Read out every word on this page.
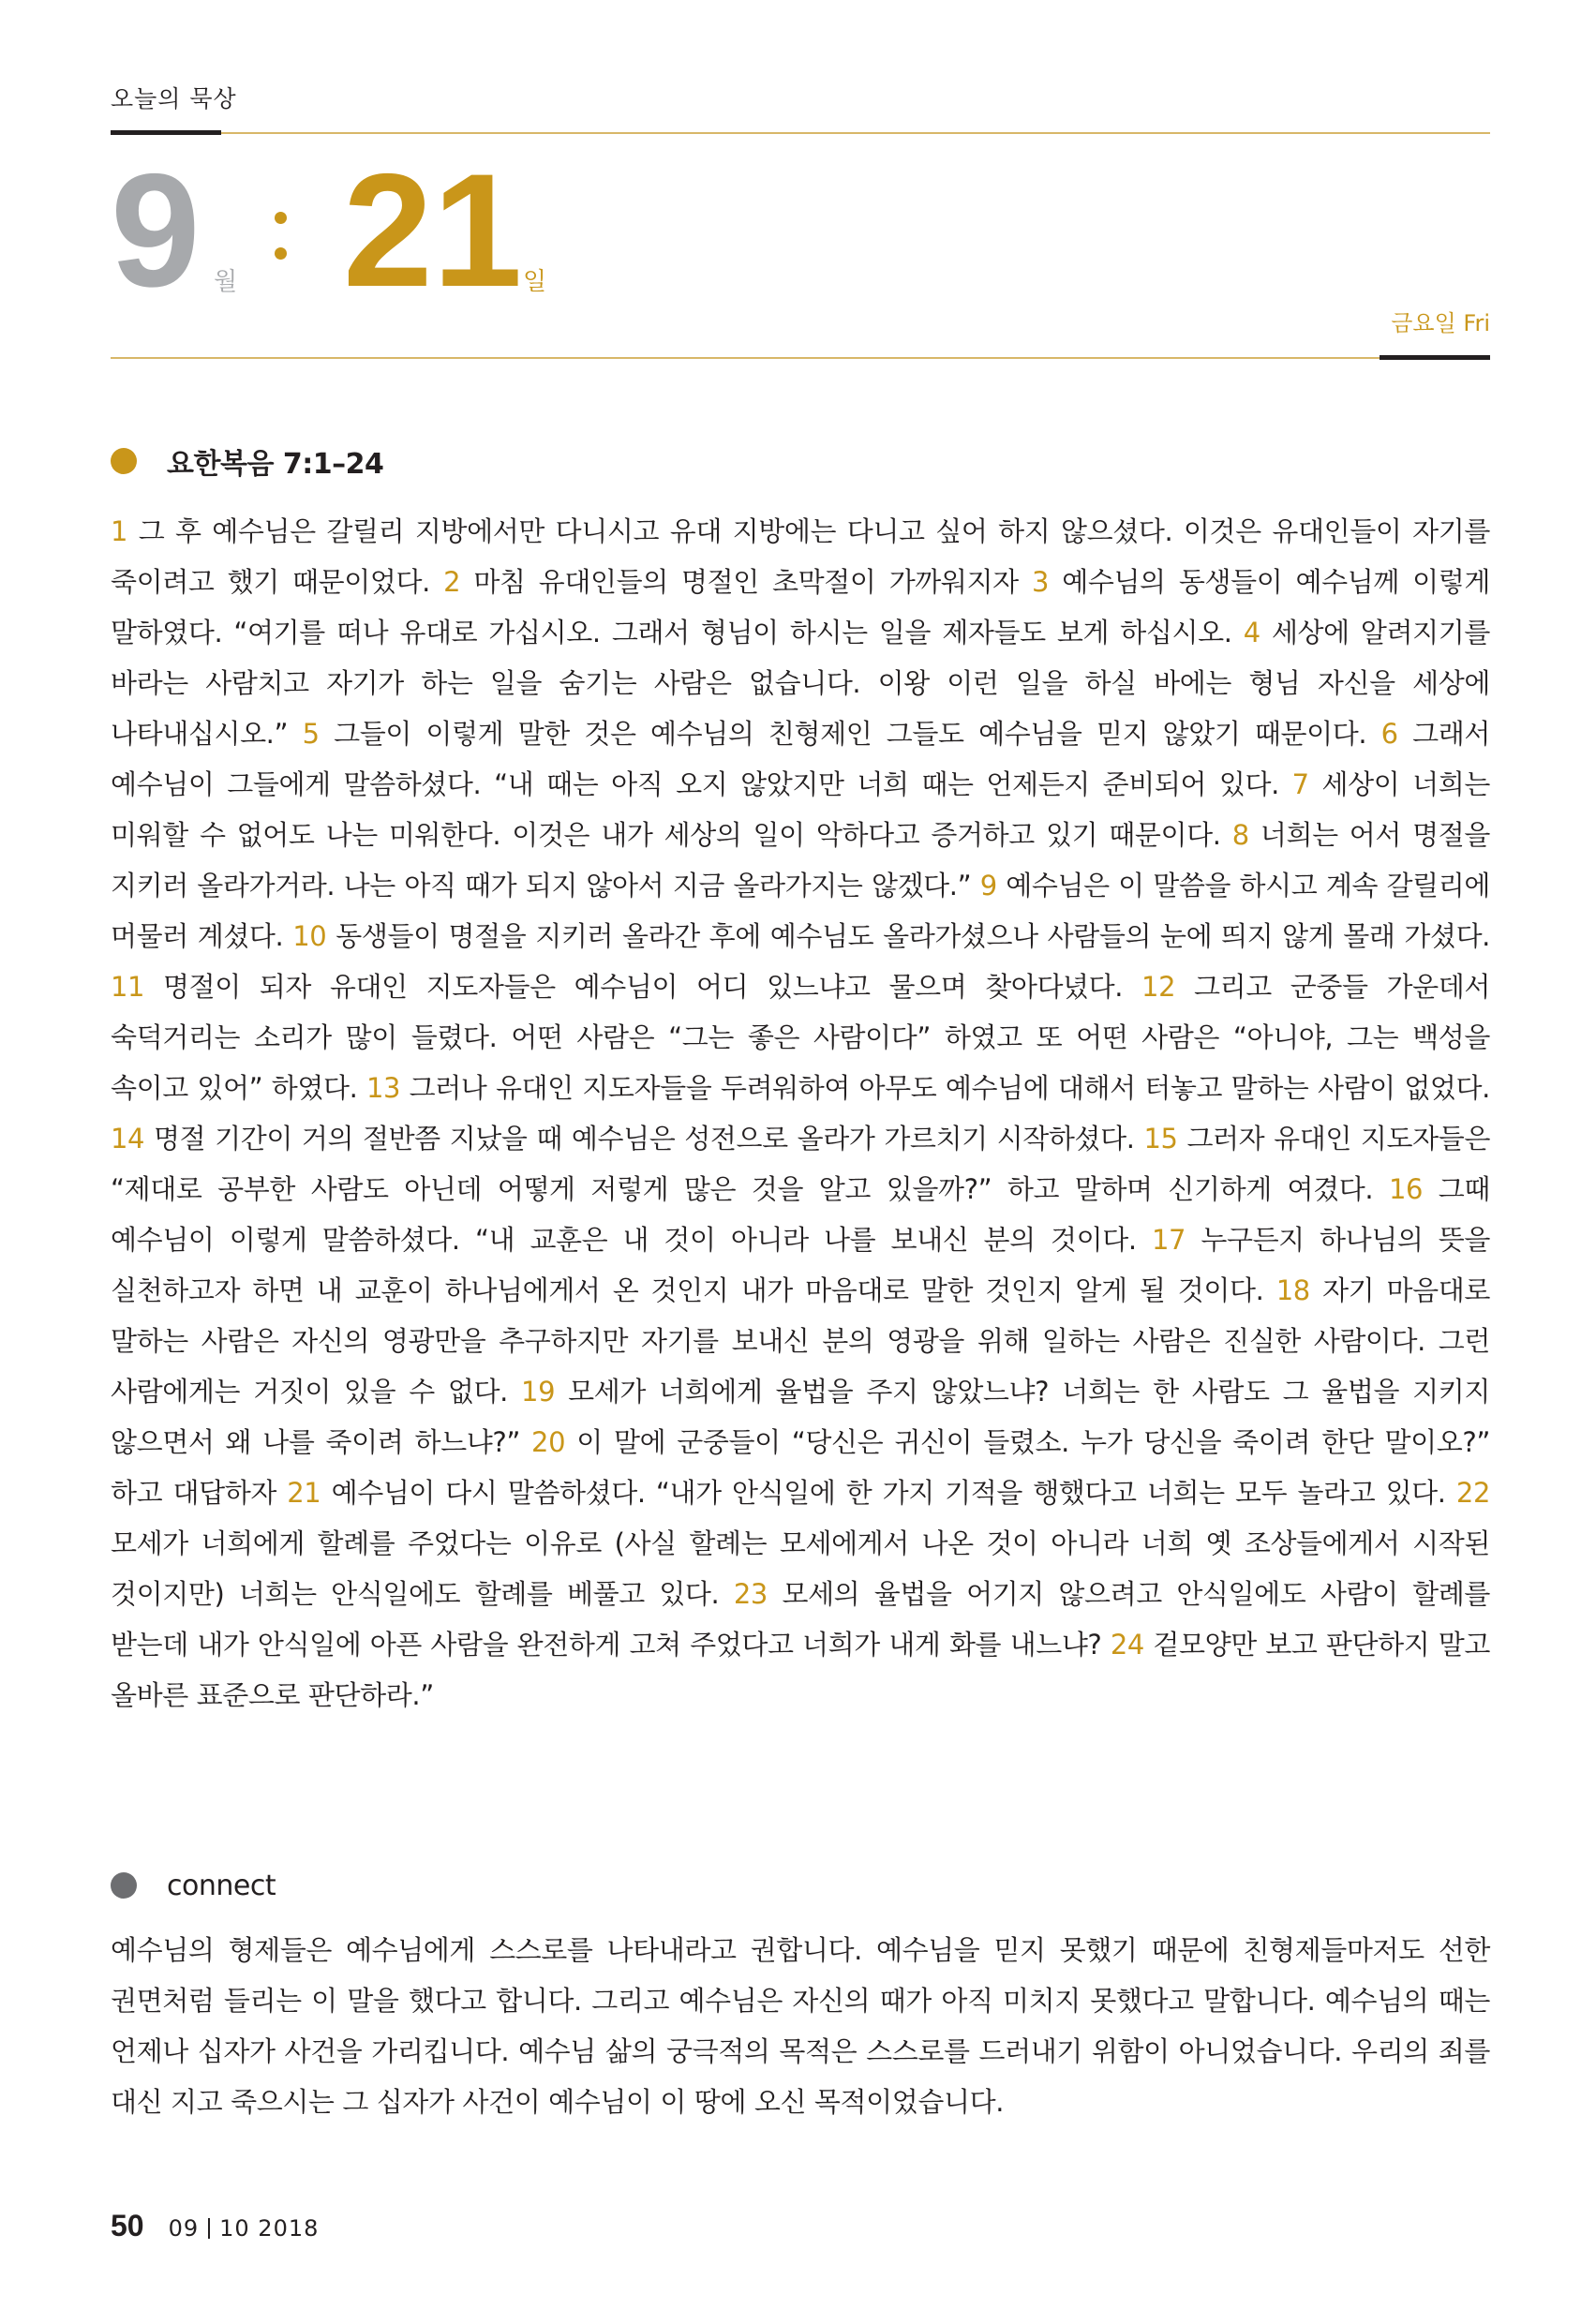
오늘의 묵상
9 월 21 일
금요일 Fri
요한복음 7:1–24
1 그 후 예수님은 갈릴리 지방에서만 다니시고 유대 지방에는 다니고 싶어 하지 않으셨다. 이것은 유대인들이 자기를 죽이려고 했기 때문이었다. 2 마침 유대인들의 명절인 초막절이 가까워지자 3 예수님의 동생들이 예수님께 이렇게 말하였다. “여기를 떠나 유대로 가십시오. 그래서 형님이 하시는 일을 제자들도 보게 하십시오. 4 세상에 알려지기를 바라는 사람치고 자기가 하는 일을 숨기는 사람은 없습니다. 이왕 이런 일을 하실 바에는 형님 자신을 세상에 나타내십시오.” 5 그들이 이렇게 말한 것은 예수님의 친형제인 그들도 예수님을 믿지 않았기 때문이다. 6 그래서 예수님이 그들에게 말씀하셨다. “내 때는 아직 오지 않았지만 너희 때는 언제든지 준비되어 있다. 7 세상이 너희는 미워할 수 없어도 나는 미워한다. 이것은 내가 세상의 일이 악하다고 증거하고 있기 때문이다. 8 너희는 어서 명절을 지키러 올라가거라. 나는 아직 때가 되지 않아서 지금 올라가지는 않겠다.” 9 예수님은 이 말씀을 하시고 계속 갈릴리에 머물러 계셨다. 10 동생들이 명절을 지키러 올라간 후에 예수님도 올라가셨으나 사람들의 눈에 띄지 않게 몰래 가셨다. 11 명절이 되자 유대인 지도자들은 예수님이 어디 있느냐고 물으며 찾아다녔다. 12 그리고 군중들 가운데서 숙덕거리는 소리가 많이 들렸다. 어떤 사람은 “그는 좋은 사람이다” 하였고 또 어떤 사람은 “아니야, 그는 백성을 속이고 있어” 하였다. 13 그러나 유대인 지도자들을 두려워하여 아무도 예수님에 대해서 터놓고 말하는 사람이 없었다. 14 명절 기간이 거의 절반쯤 지났을 때 예수님은 성전으로 올라가 가르치기 시작하셨다. 15 그러자 유대인 지도자들은 “제대로 공부한 사람도 아닌데 어떻게 저렇게 많은 것을 알고 있을까?” 하고 말하며 신기하게 여겼다. 16 그때 예수님이 이렇게 말씀하셨다. “내 교훈은 내 것이 아니라 나를 보내신 분의 것이다. 17 누구든지 하나님의 뜻을 실천하고자 하면 내 교훈이 하나님에게서 온 것인지 내가 마음대로 말한 것인지 알게 될 것이다. 18 자기 마음대로 말하는 사람은 자신의 영광만을 추구하지만 자기를 보내신 분의 영광을 위해 일하는 사람은 진실한 사람이다. 그런 사람에게는 거짓이 있을 수 없다. 19 모세가 너희에게 율법을 주지 않았느냐? 너희는 한 사람도 그 율법을 지키지 않으면서 왜 나를 죽이려 하느냐?” 20 이 말에 군중들이 “당신은 귀신이 들렸소. 누가 당신을 죽이려 한단 말이오?” 하고 대답하자 21 예수님이 다시 말씀하셨다. “내가 안식일에 한 가지 기적을 행했다고 너희는 모두 놀라고 있다. 22 모세가 너희에게 할례를 주었다는 이유로 (사실 할례는 모세에게서 나온 것이 아니라 너희 옛 조상들에게서 시작된 것이지만) 너희는 안식일에도 할례를 베풀고 있다. 23 모세의 율법을 어기지 않으려고 안식일에도 사람이 할례를 받는데 내가 안식일에 아픈 사람을 완전하게 고쳐 주었다고 너희가 내게 화를 내느냐? 24 겉모양만 보고 판단하지 말고 올바른 표준으로 판단하라.”
connect
예수님의 형제들은 예수님에게 스스로를 나타내라고 권합니다. 예수님을 믿지 못했기 때문에 친형제들마저도 선한 권면처럼 들리는 이 말을 했다고 합니다. 그리고 예수님은 자신의 때가 아직 미치지 못했다고 말합니다. 예수님의 때는 언제나 십자가 사건을 가리킵니다. 예수님 삶의 궁극적의 목적은 스스로를 드러내기 위함이 아니었습니다. 우리의 죄를 대신 지고 죽으시는 그 십자가 사건이 예수님이 이 땅에 오신 목적이었습니다.
50 09 10 2018
